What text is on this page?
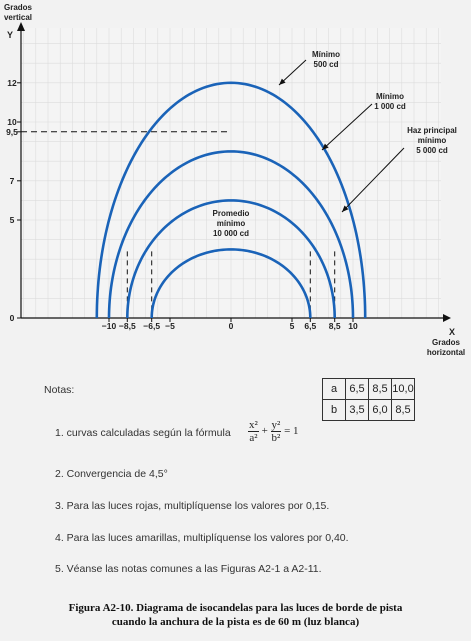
Grados
vertical
Y
X
Grados
horizontal
−10 −8,5 −6,5 −5	0	5 6,5 8,5 10
0
5
7
9,5
10
12
Promedio
mínimo
10 000 cd
Haz principal
mínimo
5 000 cd
Mínimo
1 000 cd
Mínimo
500 cd
Notas:
1. curvas calculadas según la fórmula
2. Convergencia de 4,5°
3. Para las luces rojas, multiplíquense los valores por 0,15.
4. Para las luces amarillas, multiplíquense los valores por 0,40.
5. Véanse las notas comunes a las Figuras A2-1 a A2-11.
$\frac{\text{x²}}{\text{a²}} + \frac{\text{y²}}{\text{b²}} = 1$
a	6,5	8,5	10,0
b	3,5	6,0	8,5
Figura A2-10. Diagrama de isocandelas para las luces de borde de pista
cuando la anchura de la pista es de 60 m (luz blanca)
